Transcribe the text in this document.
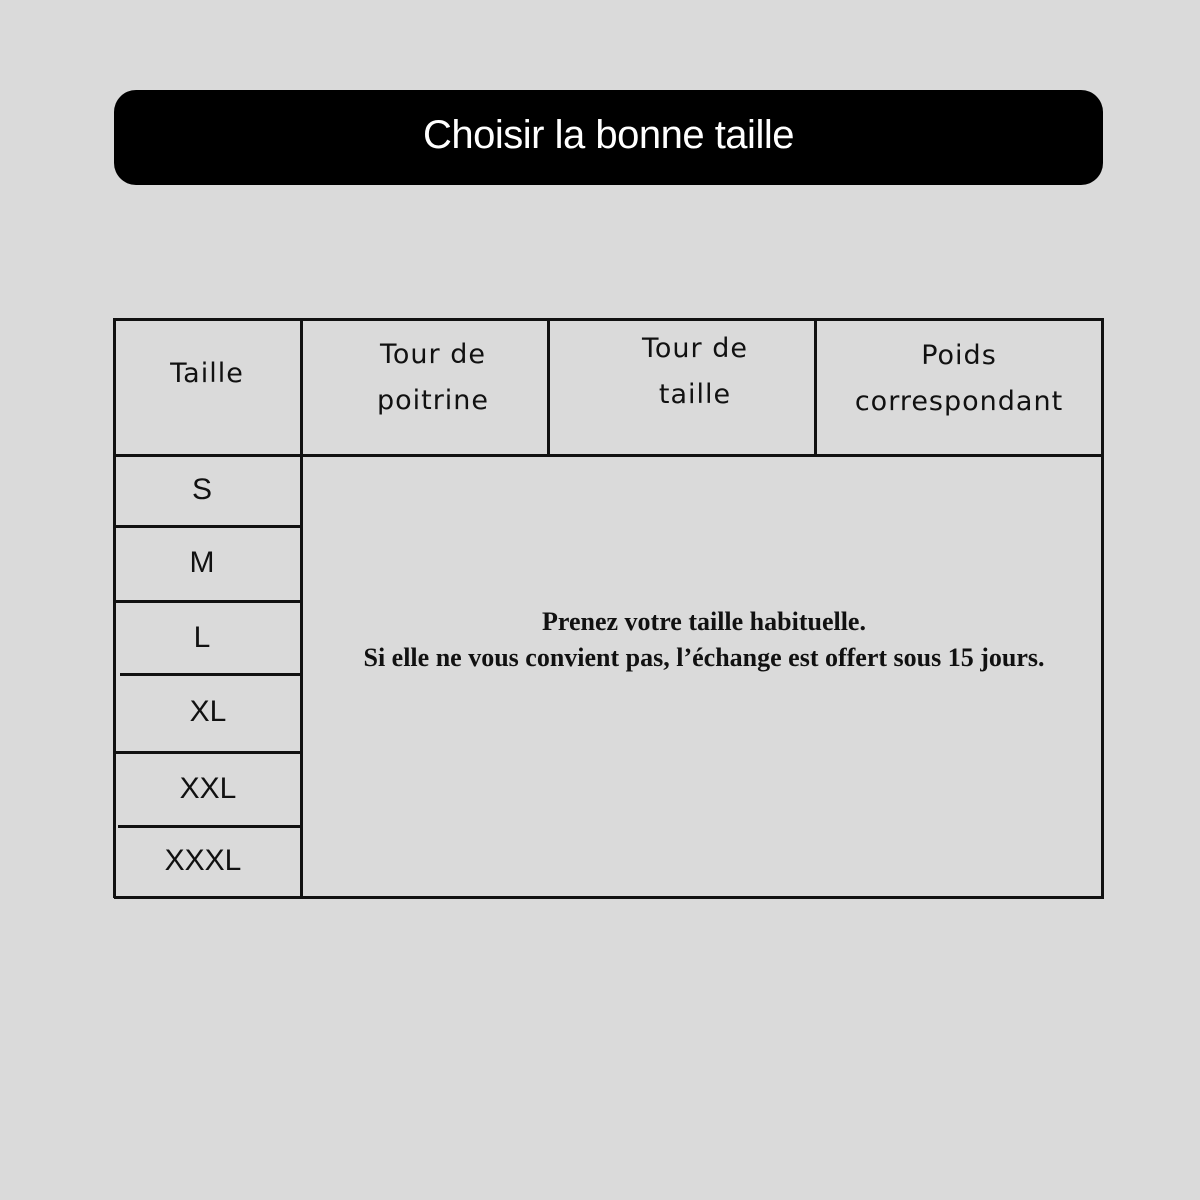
Choisir la bonne taille
Taille
Tour de
poitrine
Tour de
taille
Poids
correspondant
S
M
L
XL
XXL
XXXL
Prenez votre taille habituelle.
Si elle ne vous convient pas, l’échange est offert sous 15 jours.
